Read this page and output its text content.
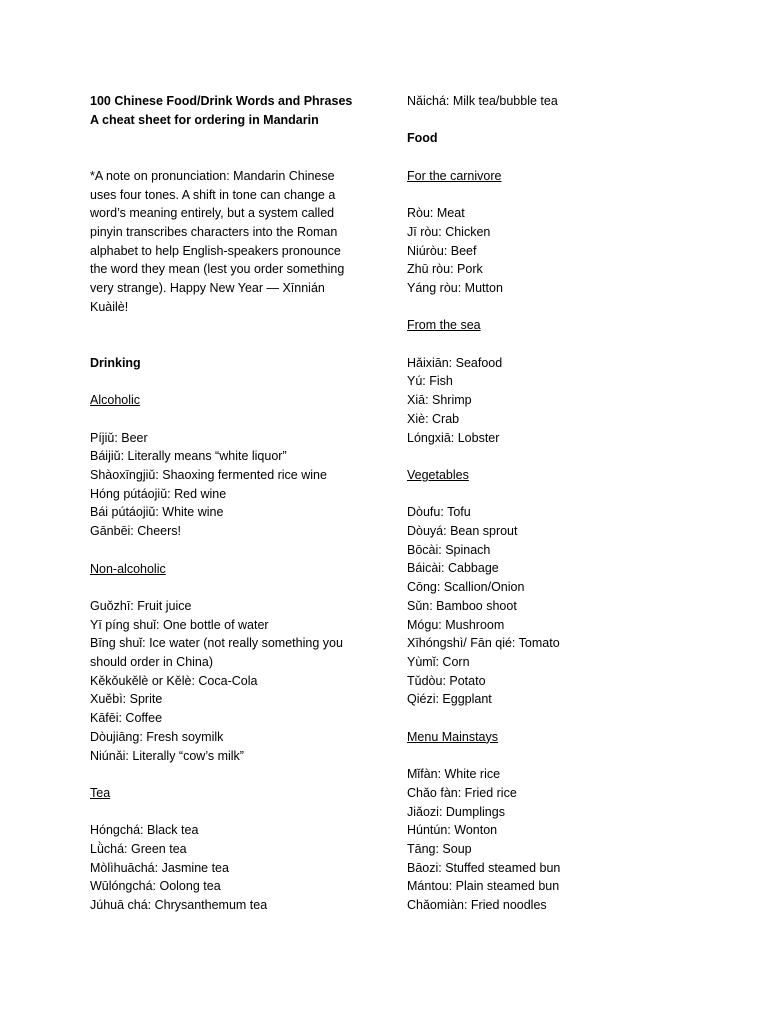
100 Chinese Food/Drink Words and Phrases
A cheat sheet for ordering in Mandarin
*A note on pronunciation: Mandarin Chinese
uses four tones. A shift in tone can change a
word’s meaning entirely, but a system called
pinyin transcribes characters into the Roman
alphabet to help English-speakers pronounce
the word they mean (lest you order something
very strange). Happy New Year — Xīnnián
Kuàilè!
Drinking
Alcoholic
Píjiǔ: Beer
Báijiǔ: Literally means “white liquor”
Shàoxīngjiǔ: Shaoxing fermented rice wine
Hóng pútáojiǔ: Red wine
Bái pútáojiǔ: White wine
Gānbēi: Cheers!
Non-alcoholic
Guǒzhī: Fruit juice
Yī píng shuǐ: One bottle of water
Bīng shuǐ: Ice water (not really something you
should order in China)
Kěkǒukělè or Kělè: Coca-Cola
Xuěbì: Sprite
Kāfēi: Coffee
Dòujiāng: Fresh soymilk
Niúnǎi: Literally “cow’s milk”
Tea
Hóngchá: Black tea
Lǜchá: Green tea
Mòlìhuāchá: Jasmine tea
Wūlóngchá: Oolong tea
Júhuā chá: Chrysanthemum tea
Nǎichá: Milk tea/bubble tea
Food
For the carnivore
Ròu: Meat
Jī ròu: Chicken
Niúròu: Beef
Zhū ròu: Pork
Yáng ròu: Mutton
From the sea
Hǎixiān: Seafood
Yú: Fish
Xiā: Shrimp
Xiè: Crab
Lóngxiā: Lobster
Vegetables
Dòufu: Tofu
Dòuyá: Bean sprout
Bōcài: Spinach
Báicài: Cabbage
Cōng: Scallion/Onion
Sǔn: Bamboo shoot
Mógu: Mushroom
Xīhóngshì/ Fān qié: Tomato
Yùmǐ: Corn
Tǔdòu: Potato
Qiézi: Eggplant
Menu Mainstays
Mǐfàn: White rice
Chǎo fàn: Fried rice
Jiǎozi: Dumplings
Húntún: Wonton
Tāng: Soup
Bāozi: Stuffed steamed bun
Mántou: Plain steamed bun
Chǎomiàn: Fried noodles
